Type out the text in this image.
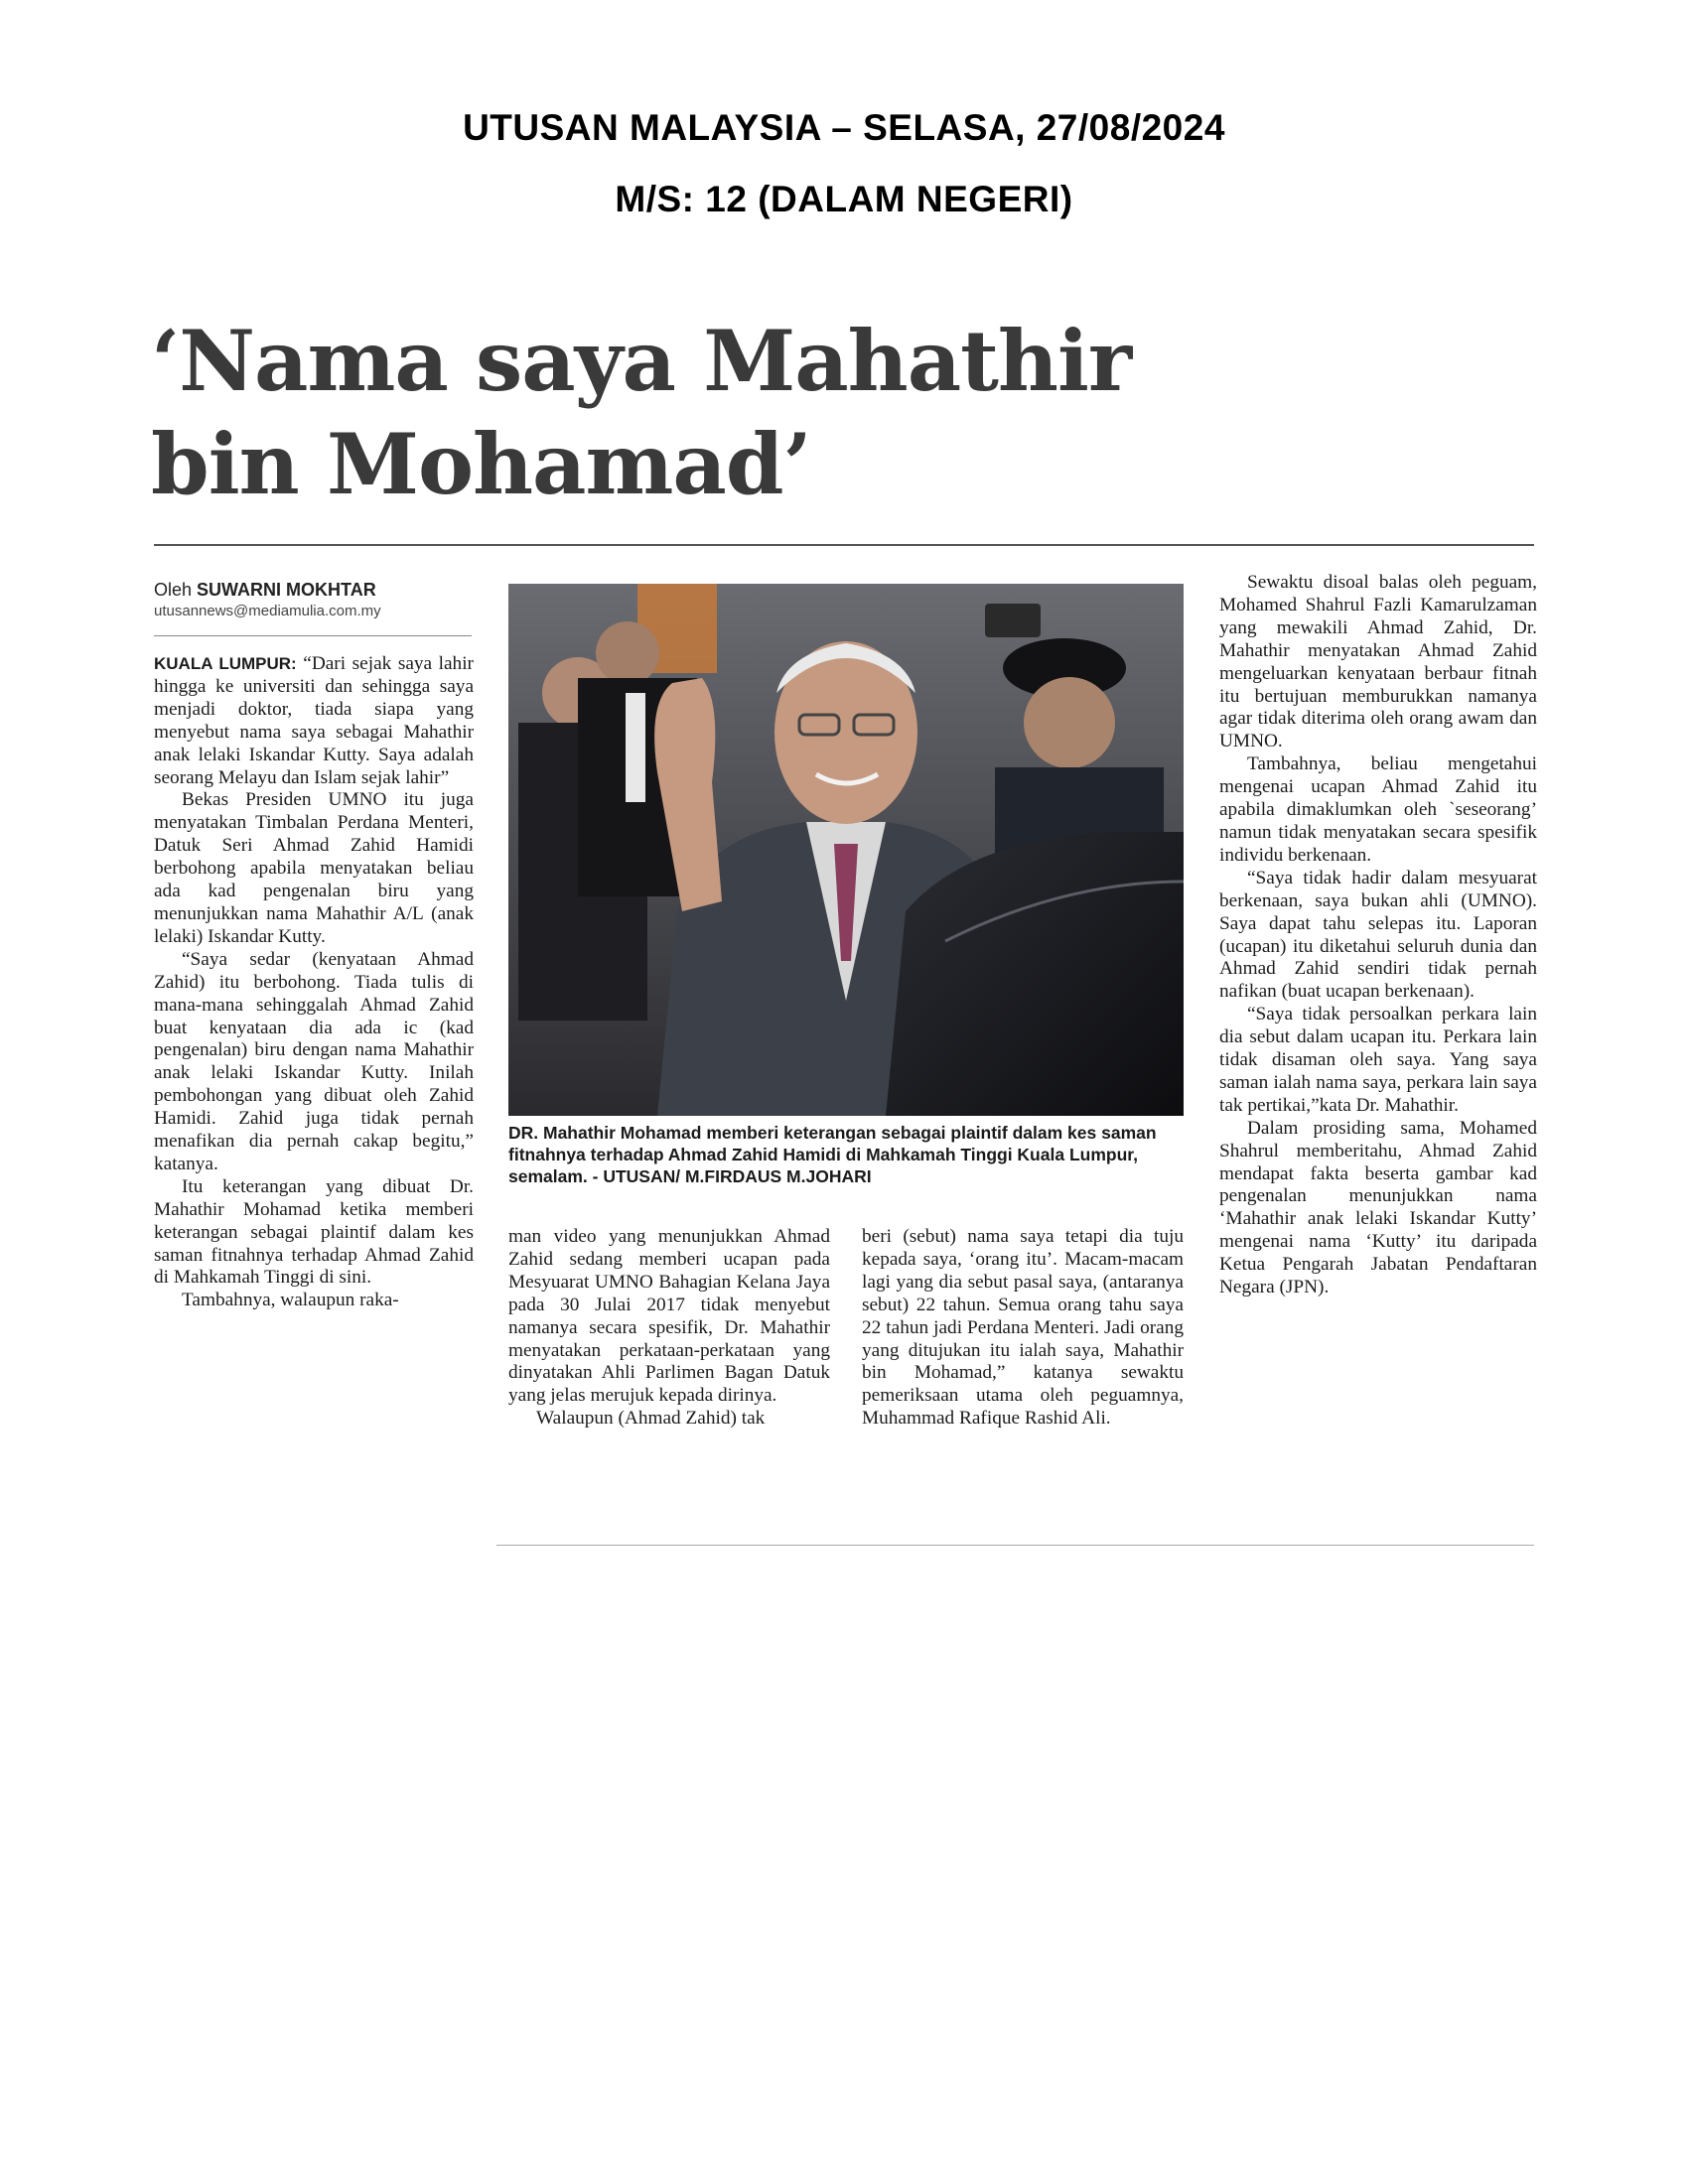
UTUSAN MALAYSIA – SELASA, 27/08/2024
M/S: 12 (DALAM NEGERI)
‘Nama saya Mahathir
bin Mohamad’
Oleh SUWARNI MOKHTAR
utusannews@mediamulia.com.my

KUALA LUMPUR: “Dari sejak saya lahir hingga ke universiti dan sehingga saya menjadi doktor, tiada siapa yang menyebut nama saya sebagai Mahathir anak lelaki Iskandar Kutty. Saya adalah seorang Melayu dan Islam sejak lahir”

Bekas Presiden UMNO itu juga menyatakan Timbalan Perdana Menteri, Datuk Seri Ahmad Zahid Hamidi berbohong apabila menyatakan beliau ada kad pengenalan biru yang menunjukkan nama Mahathir A/L (anak lelaki) Iskandar Kutty.

“Saya sedar (kenyataan Ahmad Zahid) itu berbohong. Tiada tulis di mana-mana sehinggalah Ahmad Zahid buat kenyataan dia ada ic (kad pengenalan) biru dengan nama Mahathir anak lelaki Iskandar Kutty. Inilah pembohongan yang dibuat oleh Zahid Hamidi. Zahid juga tidak pernah menafikan dia pernah cakap begitu,” katanya.

Itu keterangan yang dibuat Dr. Mahathir Mohamad ketika memberi keterangan sebagai plaintif dalam kes saman fitnahnya terhadap Ahmad Zahid di Mahkamah Tinggi di sini.

Tambahnya, walaupun raka-

DR. Mahathir Mohamad memberi keterangan sebagai plaintif dalam kes saman fitnahnya terhadap Ahmad Zahid Hamidi di Mahkamah Tinggi Kuala Lumpur, semalam. - UTUSAN/ M.FIRDAUS M.JOHARI

man video yang menunjukkan Ahmad Zahid sedang memberi ucapan pada Mesyuarat UMNO Bahagian Kelana Jaya pada 30 Julai 2017 tidak menyebut namanya secara spesifik, Dr. Mahathir menyatakan perkataan-perkataan yang dinyatakan Ahli Parlimen Bagan Datuk yang jelas merujuk kepada dirinya.

Walaupun (Ahmad Zahid) tak

beri (sebut) nama saya tetapi dia tuju kepada saya, ‘orang itu’. Macam-macam lagi yang dia sebut pasal saya, (antaranya sebut) 22 tahun. Semua orang tahu saya 22 tahun jadi Perdana Menteri. Jadi orang yang ditujukan itu ialah saya, Mahathir bin Mohamad,” katanya sewaktu pemeriksaan utama oleh peguamnya, Muhammad Rafique Rashid Ali.

Sewaktu disoal balas oleh peguam, Mohamed Shahrul Fazli Kamarulzaman yang mewakili Ahmad Zahid, Dr. Mahathir menyatakan Ahmad Zahid mengeluarkan kenyataan berbaur fitnah itu bertujuan memburukkan namanya agar tidak diterima oleh orang awam dan UMNO.

Tambahnya, beliau mengetahui mengenai ucapan Ahmad Zahid itu apabila dimaklumkan oleh `seseorang’ namun tidak menyatakan secara spesifik individu berkenaan.

“Saya tidak hadir dalam mesyuarat berkenaan, saya bukan ahli (UMNO). Saya dapat tahu selepas itu. Laporan (ucapan) itu diketahui seluruh dunia dan Ahmad Zahid sendiri tidak pernah nafikan (buat ucapan berkenaan).

“Saya tidak persoalkan perkara lain dia sebut dalam ucapan itu. Perkara lain tidak disaman oleh saya. Yang saya saman ialah nama saya, perkara lain saya tak pertikai,”kata Dr. Mahathir.

Dalam prosiding sama, Mohamed Shahrul memberitahu, Ahmad Zahid mendapat fakta beserta gambar kad pengenalan menunjukkan nama ‘Mahathir anak lelaki Iskandar Kutty’ mengenai nama ‘Kutty’ itu daripada Ketua Pengarah Jabatan Pendaftaran Negara (JPN).
